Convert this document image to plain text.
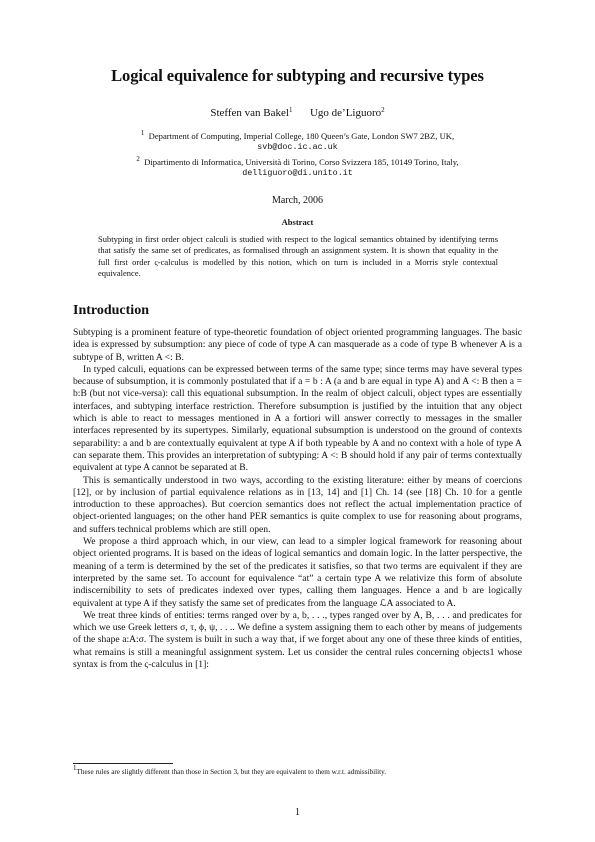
Logical equivalence for subtyping and recursive types
Steffen van Bakel$^1$ Ugo de’Liguoro$^2$
$^1$ Department of Computing, Imperial College, 180 Queen’s Gate, London SW7 2BZ, UK,
svb@doc.ic.ac.uk
$^2$ Dipartimento di Informatica, Università di Torino, Corso Svizzera 185, 10149 Torino, Italy,
delliguoro@di.unito.it
March, 2006
Abstract
Subtyping in first order object calculi is studied with respect to the logical semantics obtained by identifying terms that satisfy the same set of predicates, as formalised through an assignment system. It is shown that equality in the full first order ς-calculus is modelled by this notion, which on turn is included in a Morris style contextual equivalence.
Introduction

Subtyping is a prominent feature of type-theoretic foundation of object oriented programming languages. The basic idea is expressed by subsumption: any piece of code of type A can masquerade as a code of type B whenever A is a subtype of B, written A <: B.

In typed calculi, equations can be expressed between terms of the same type; since terms may have several types because of subsumption, it is commonly postulated that if a = b : A (a and b are equal in type A) and A <: B then a = b:B (but not vice-versa): call this equational subsumption. In the realm of object calculi, object types are essentially interfaces, and subtyping interface restriction. Therefore subsumption is justified by the intuition that any object which is able to react to messages mentioned in A a fortiori will answer correctly to messages in the smaller interfaces represented by its supertypes. Similarly, equational subsumption is understood on the ground of contexts separability: a and b are contextually equivalent at type A if both typeable by A and no context with a hole of type A can separate them. This provides an interpretation of subtyping: A <: B should hold if any pair of terms contextually equivalent at type A cannot be separated at B.

This is semantically understood in two ways, according to the existing literature: either by means of coercions [12], or by inclusion of partial equivalence relations as in [13, 14] and [1] Ch. 14 (see [18] Ch. 10 for a gentle introduction to these approaches). But coercion semantics does not reflect the actual implementation practice of object-oriented languages; on the other hand PER semantics is quite complex to use for reasoning about programs, and suffers technical problems which are still open.

We propose a third approach which, in our view, can lead to a simpler logical framework for reasoning about object oriented programs. It is based on the ideas of logical semantics and domain logic. In the latter perspective, the meaning of a term is determined by the set of the predicates it satisfies, so that two terms are equivalent if they are interpreted by the same set. To account for equivalence “at” a certain type A we relativize this form of absolute indiscernibility to sets of predicates indexed over types, calling them languages. Hence a and b are logically equivalent at type A if they satisfy the same set of predicates from the language ℒA associated to A.

We treat three kinds of entities: terms ranged over by a, b, . . ., types ranged over by A, B, . . . and predicates for which we use Greek letters σ, τ, ϕ, ψ, . . .. We define a system assigning them to each other by means of judgements of the shape a:A:σ. The system is built in such a way that, if we forget about any one of these three kinds of entities, what remains is still a meaningful assignment system. Let us consider the central rules concerning objects1 whose syntax is from the ς-calculus in [1]:

$^1$These rules are slightly different than those in Section 3, but they are equivalent to them w.r.t. admissibility.
1
